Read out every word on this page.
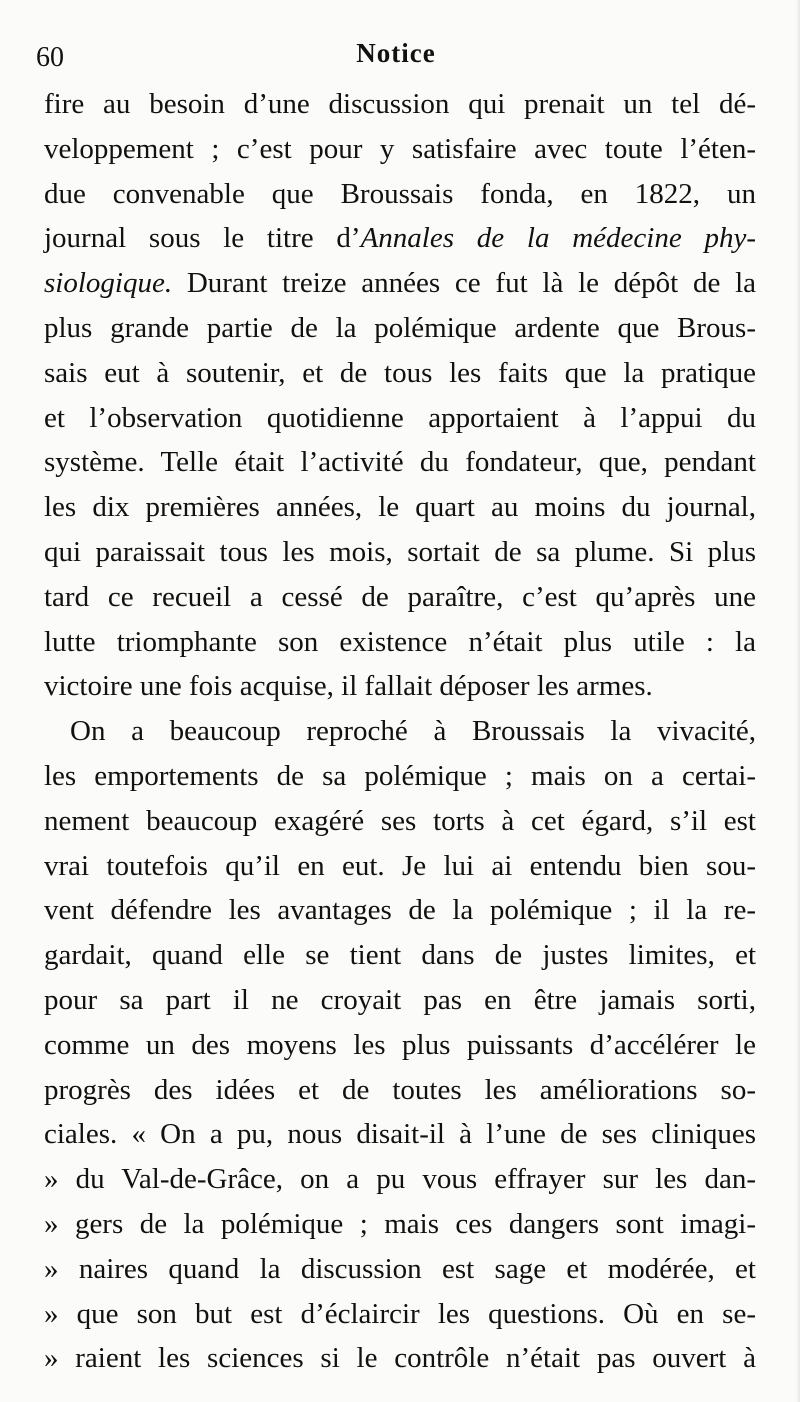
60	Notice
fire au besoin d’une discussion qui prenait un tel dé-
veloppement ; c’est pour y satisfaire avec toute l’éten-
due convenable que Broussais fonda, en 1822, un
journal sous le titre d’Annales de la médecine phy-
siologique. Durant treize années ce fut là le dépôt de la
plus grande partie de la polémique ardente que Brous-
sais eut à soutenir, et de tous les faits que la pratique
et l’observation quotidienne apportaient à l’appui du
système. Telle était l’activité du fondateur, que, pendant
les dix premières années, le quart au moins du journal,
qui paraissait tous les mois, sortait de sa plume. Si plus
tard ce recueil a cessé de paraître, c’est qu’après une
lutte triomphante son existence n’était plus utile : la
victoire une fois acquise, il fallait déposer les armes.
On a beaucoup reproché à Broussais la vivacité,
les emportements de sa polémique ; mais on a certai-
nement beaucoup exagéré ses torts à cet égard, s’il est
vrai toutefois qu’il en eut. Je lui ai entendu bien sou-
vent défendre les avantages de la polémique ; il la re-
gardait, quand elle se tient dans de justes limites, et
pour sa part il ne croyait pas en être jamais sorti,
comme un des moyens les plus puissants d’accélérer le
progrès des idées et de toutes les améliorations so-
ciales. « On a pu, nous disait-il à l’une de ses cliniques
» du Val-de-Grâce, on a pu vous effrayer sur les dan-
» gers de la polémique ; mais ces dangers sont imagi-
» naires quand la discussion est sage et modérée, et
» que son but est d’éclaircir les questions. Où en se-
» raient les sciences si le contrôle n’était pas ouvert à
